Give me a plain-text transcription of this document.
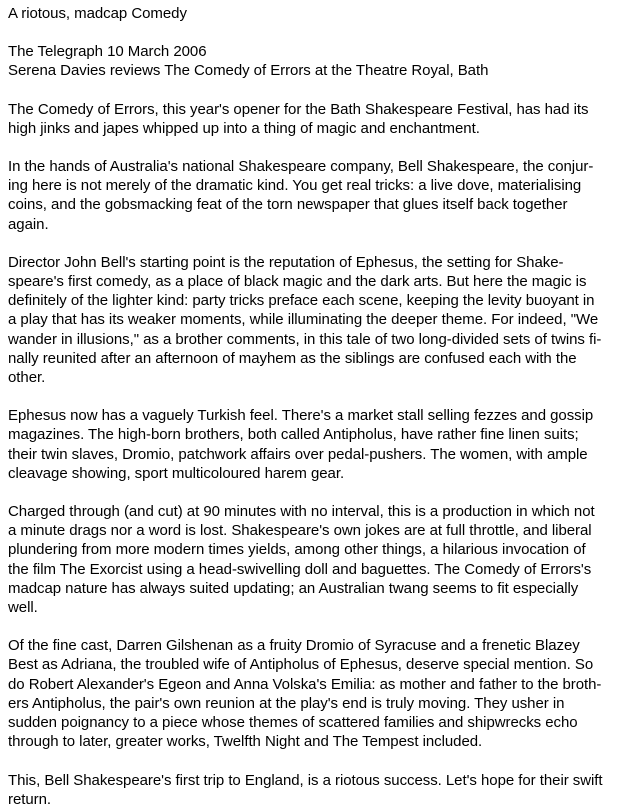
A riotous, madcap Comedy
The Telegraph 10 March 2006
Serena Davies reviews The Comedy of Errors at the Theatre Royal, Bath
The Comedy of Errors, this year's opener for the Bath Shakespeare Festival, has had its
high jinks and japes whipped up into a thing of magic and enchantment.
In the hands of Australia's national Shakespeare company, Bell Shakespeare, the conjur-
ing here is not merely of the dramatic kind. You get real tricks: a live dove, materialising
coins, and the gobsmacking feat of the torn newspaper that glues itself back together
again.
Director John Bell's starting point is the reputation of Ephesus, the setting for Shake-
speare's first comedy, as a place of black magic and the dark arts. But here the magic is
definitely of the lighter kind: party tricks preface each scene, keeping the levity buoyant in
a play that has its weaker moments, while illuminating the deeper theme. For indeed, "We
wander in illusions," as a brother comments, in this tale of two long-divided sets of twins fi-
nally reunited after an afternoon of mayhem as the siblings are confused each with the
other.
Ephesus now has a vaguely Turkish feel. There's a market stall selling fezzes and gossip
magazines. The high-born brothers, both called Antipholus, have rather fine linen suits;
their twin slaves, Dromio, patchwork affairs over pedal-pushers. The women, with ample
cleavage showing, sport multicoloured harem gear.
Charged through (and cut) at 90 minutes with no interval, this is a production in which not
a minute drags nor a word is lost. Shakespeare's own jokes are at full throttle, and liberal
plundering from more modern times yields, among other things, a hilarious invocation of
the film The Exorcist using a head-swivelling doll and baguettes. The Comedy of Errors's
madcap nature has always suited updating; an Australian twang seems to fit especially
well.
Of the fine cast, Darren Gilshenan as a fruity Dromio of Syracuse and a frenetic Blazey
Best as Adriana, the troubled wife of Antipholus of Ephesus, deserve special mention. So
do Robert Alexander's Egeon and Anna Volska's Emilia: as mother and father to the broth-
ers Antipholus, the pair's own reunion at the play's end is truly moving. They usher in
sudden poignancy to a piece whose themes of scattered families and shipwrecks echo
through to later, greater works, Twelfth Night and The Tempest included.
This, Bell Shakespeare's first trip to England, is a riotous success. Let's hope for their swift
return.
